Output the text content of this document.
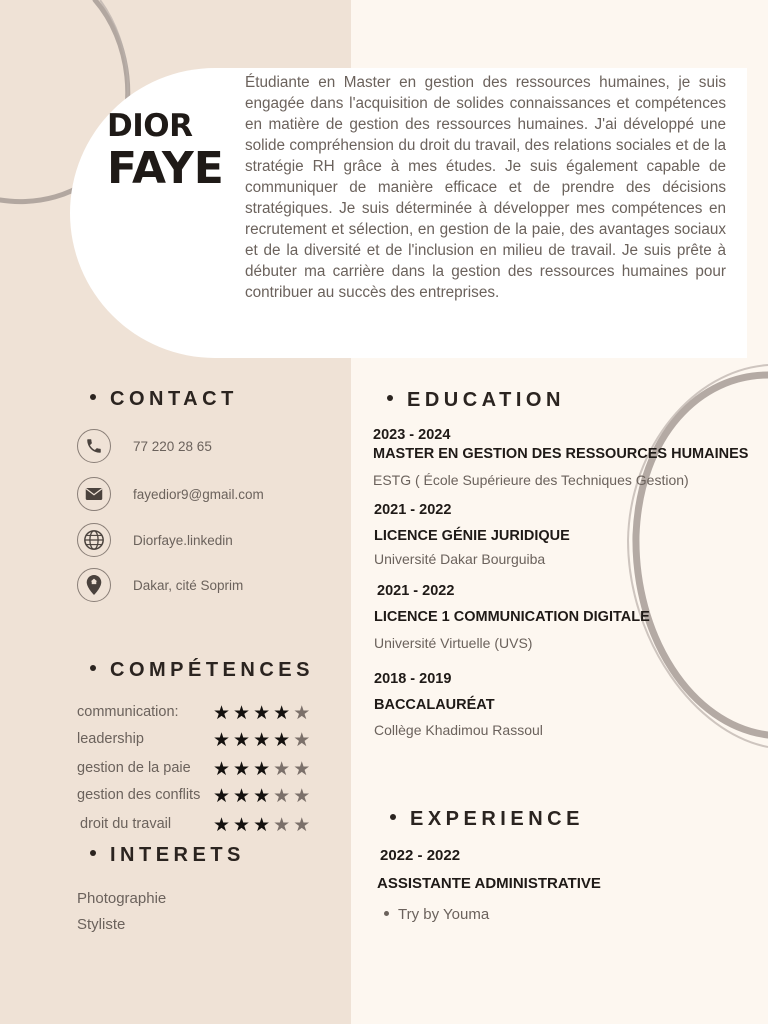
DIOR
FAYE
Étudiante en Master en gestion des ressources humaines, je suis engagée dans l'acquisition de solides connaissances et compétences en matière de gestion des ressources humaines. J'ai développé une solide compréhension du droit du travail, des relations sociales et de la stratégie RH grâce à mes études. Je suis également capable de communiquer de manière efficace et de prendre des décisions stratégiques. Je suis déterminée à développer mes compétences en recrutement et sélection, en gestion de la paie, des avantages sociaux et de la diversité et de l'inclusion en milieu de travail. Je suis prête à débuter ma carrière dans la gestion des ressources humaines pour contribuer au succès des entreprises.
CONTACT
77 220 28 65
fayedior9@gmail.com
Diorfaye.linkedin
Dakar, cité Soprim
COMPÉTENCES
communication: ★ ★ ★ ★ ★
leadership	★ ★ ★ ★ ★
gestion de la paie ★ ★ ★ ★ ★
gestion des conflits ★ ★ ★ ★ ★
droit du travail ★ ★ ★ ★ ★
INTERETS
Photographie
Styliste
EDUCATION
2023 - 2024
MASTER EN GESTION DES RESSOURCES HUMAINES
ESTG ( École Supérieure des Techniques Gestion)
2021 - 2022
LICENCE GÉNIE JURIDIQUE
Université Dakar Bourguiba
2021 - 2022
LICENCE 1 COMMUNICATION DIGITALE
Université Virtuelle (UVS)
2018 - 2019
BACCALAURÉAT
Collège Khadimou Rassoul
EXPERIENCE
2022 - 2022
ASSISTANTE ADMINISTRATIVE
Try by Youma
